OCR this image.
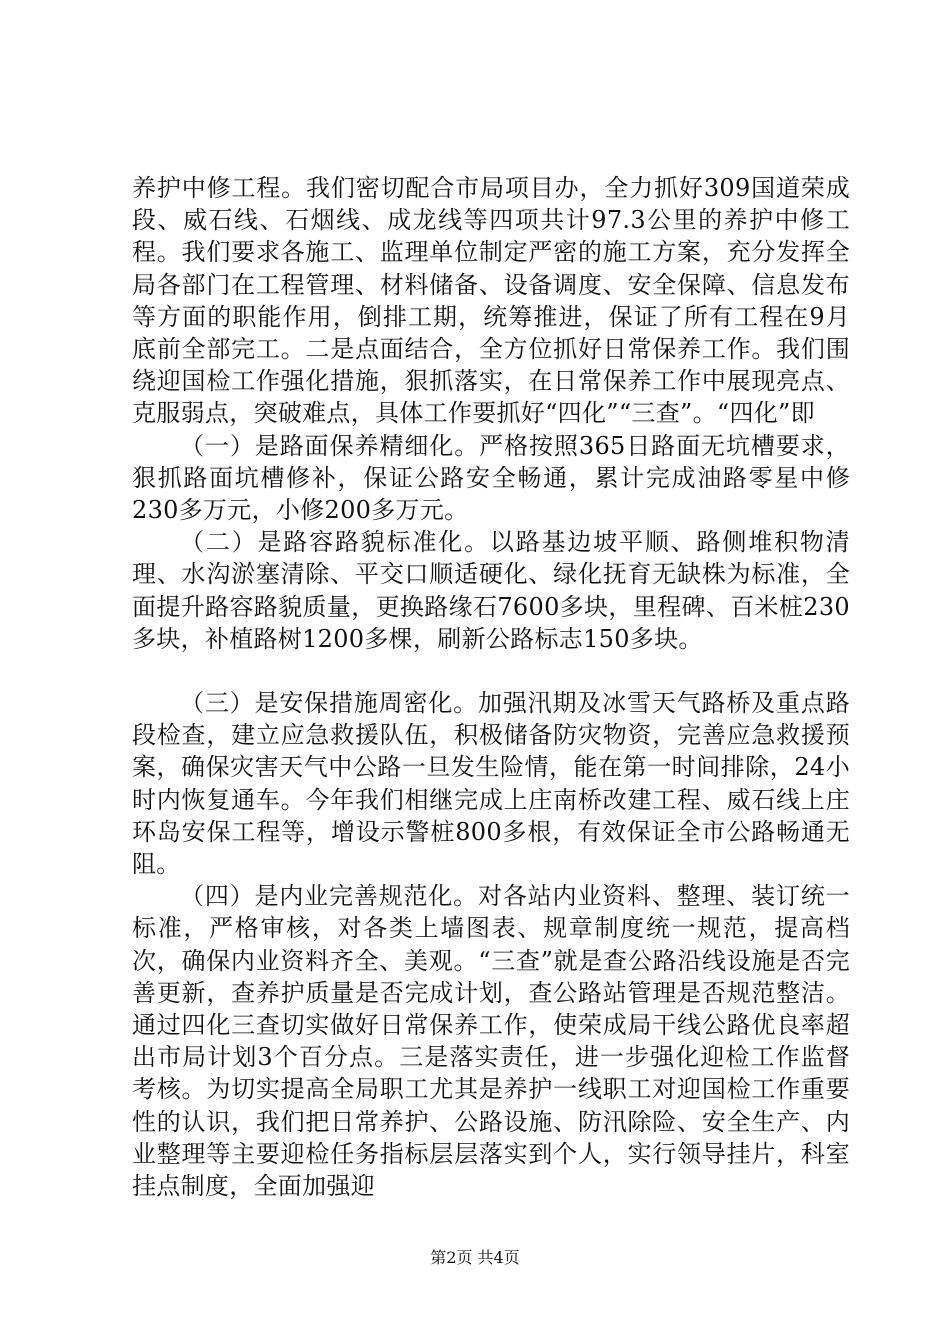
养护中修工程。我们密切配合市局项目办，全力抓好309国道荣成段、威石线、石烟线、成龙线等四项共计97.3公里的养护中修工程。我们要求各施工、监理单位制定严密的施工方案，充分发挥全局各部门在工程管理、材料储备、设备调度、安全保障、信息发布等方面的职能作用，倒排工期，统筹推进，保证了所有工程在9月底前全部完工。二是点面结合，全方位抓好日常保养工作。我们围绕迎国检工作强化措施，狠抓落实，在日常保养工作中展现亮点、克服弱点，突破难点，具体工作要抓好“四化”“三查”。“四化”即

（一）是路面保养精细化。严格按照365日路面无坑槽要求，狠抓路面坑槽修补，保证公路安全畅通，累计完成油路零星中修230多万元，小修200多万元。

（二）是路容路貌标准化。以路基边坡平顺、路侧堆积物清理、水沟淤塞清除、平交口顺适硬化、绿化抚育无缺株为标准，全面提升路容路貌质量，更换路缘石7600多块，里程碑、百米桩230多块，补植路树1200多棵，刷新公路标志150多块。

（三）是安保措施周密化。加强汛期及冰雪天气路桥及重点路段检查，建立应急救援队伍，积极储备防灾物资，完善应急救援预案，确保灾害天气中公路一旦发生险情，能在第一时间排除，24小时内恢复通车。今年我们相继完成上庄南桥改建工程、威石线上庄环岛安保工程等，增设示警桩800多根，有效保证全市公路畅通无阻。

（四）是内业完善规范化。对各站内业资料、整理、装订统一标准，严格审核，对各类上墙图表、规章制度统一规范，提高档次，确保内业资料齐全、美观。“三查”就是查公路沿线设施是否完善更新，查养护质量是否完成计划，查公路站管理是否规范整洁。通过四化三查切实做好日常保养工作，使荣成局干线公路优良率超出市局计划3个百分点。三是落实责任，进一步强化迎检工作监督考核。为切实提高全局职工尤其是养护一线职工对迎国检工作重要性的认识，我们把日常养护、公路设施、防汛除险、安全生产、内业整理等主要迎检任务指标层层落实到个人，实行领导挂片，科室挂点制度，全面加强迎

第2页 共4页
